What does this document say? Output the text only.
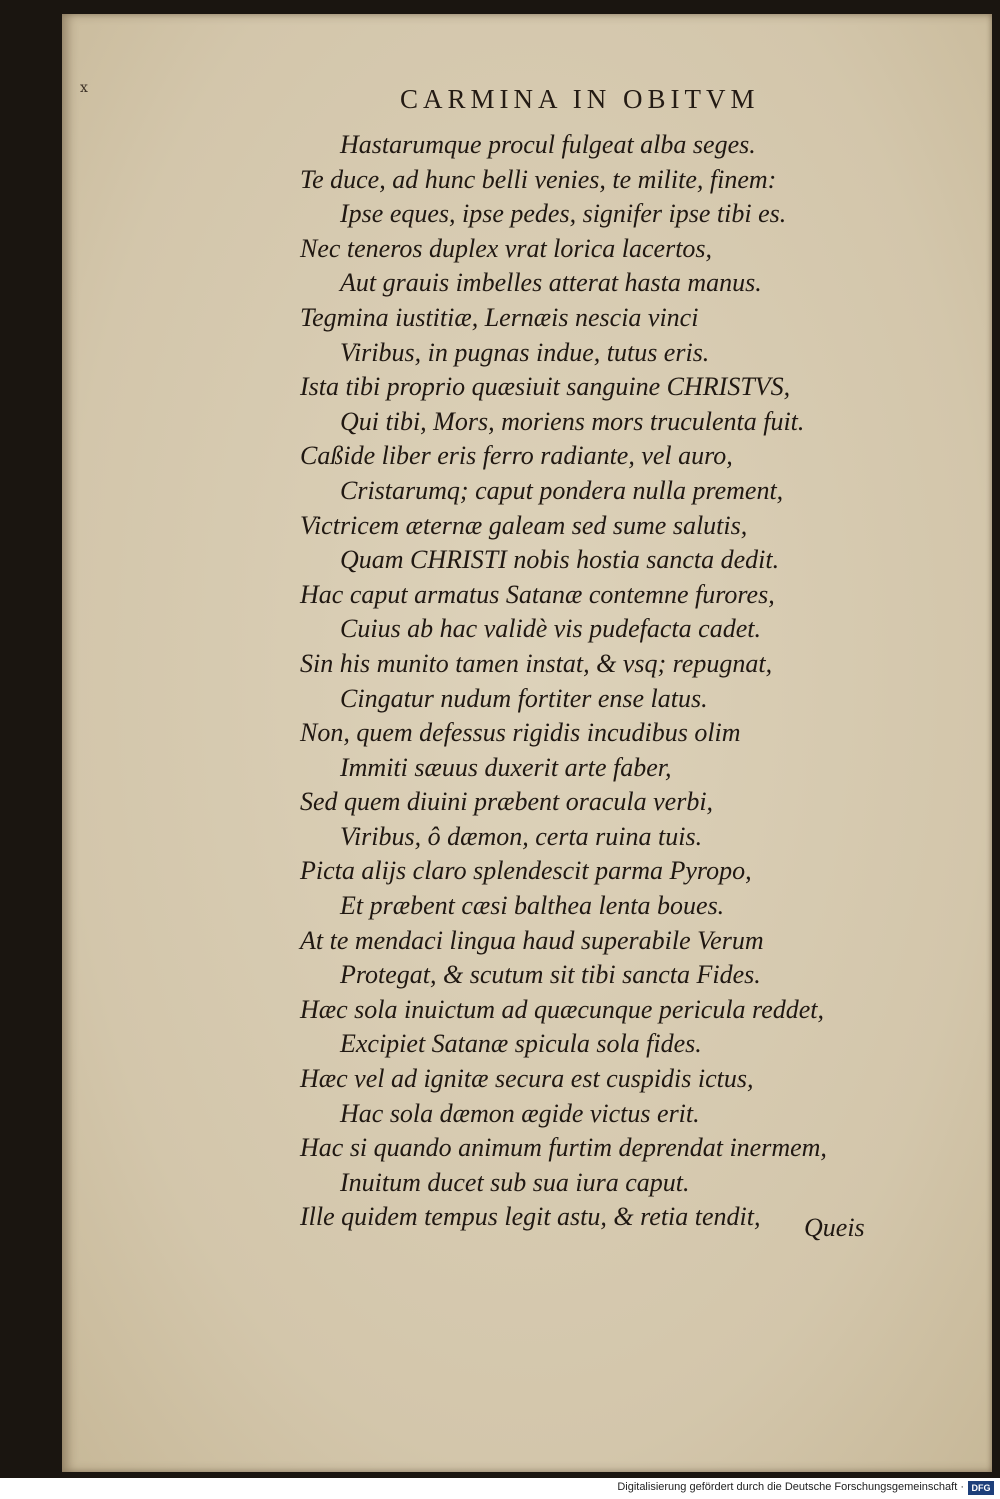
x	CARMINA IN OBITVM
Hastarumque procul fulgeat alba seges.
Te duce, ad hunc belli venies, te milite, finem:
Ipse eques, ipse pedes, signifer ipse tibi es.
Nec teneros duplex vrat lorica lacertos,
Aut grauis imbelles atterat hasta manus.
Tegmina iustitiæ, Lernæis nescia vinci
Viribus, in pugnas indue, tutus eris.
Ista tibi proprio quæsiuit sanguine CHRISTVS,
Qui tibi, Mors, moriens mors truculenta fuit.
Caßide liber eris ferro radiante, vel auro,
Cristarumq; caput pondera nulla prement,
Victricem æternæ galeam sed sume salutis,
Quam CHRISTI nobis hostia sancta dedit.
Hac caput armatus Satanæ contemne furores,
Cuius ab hac validè vis pudefacta cadet.
Sin his munito tamen instat, & vsq; repugnat,
Cingatur nudum fortiter ense latus.
Non, quem defessus rigidis incudibus olim
Immiti sæuus duxerit arte faber,
Sed quem diuini præbent oracula verbi,
Viribus, ô dæmon, certa ruina tuis.
Picta alijs claro splendescit parma Pyropo,
Et præbent cæsi balthea lenta boues.
At te mendaci lingua haud superabile Verum
Protegat, & scutum sit tibi sancta Fides.
Hæc sola inuictum ad quæcunque pericula reddet,
Excipiet Satanæ spicula sola fides.
Hæc vel ad ignitæ secura est cuspidis ictus,
Hac sola dæmon ægide victus erit.
Hac si quando animum furtim deprendat inermem,
Inuitum ducet sub sua iura caput.
Ille quidem tempus legit astu, & retia tendit,	Queis
Digitalisierung gefördert durch die Deutsche Forschungsgemeinschaft · DFG
